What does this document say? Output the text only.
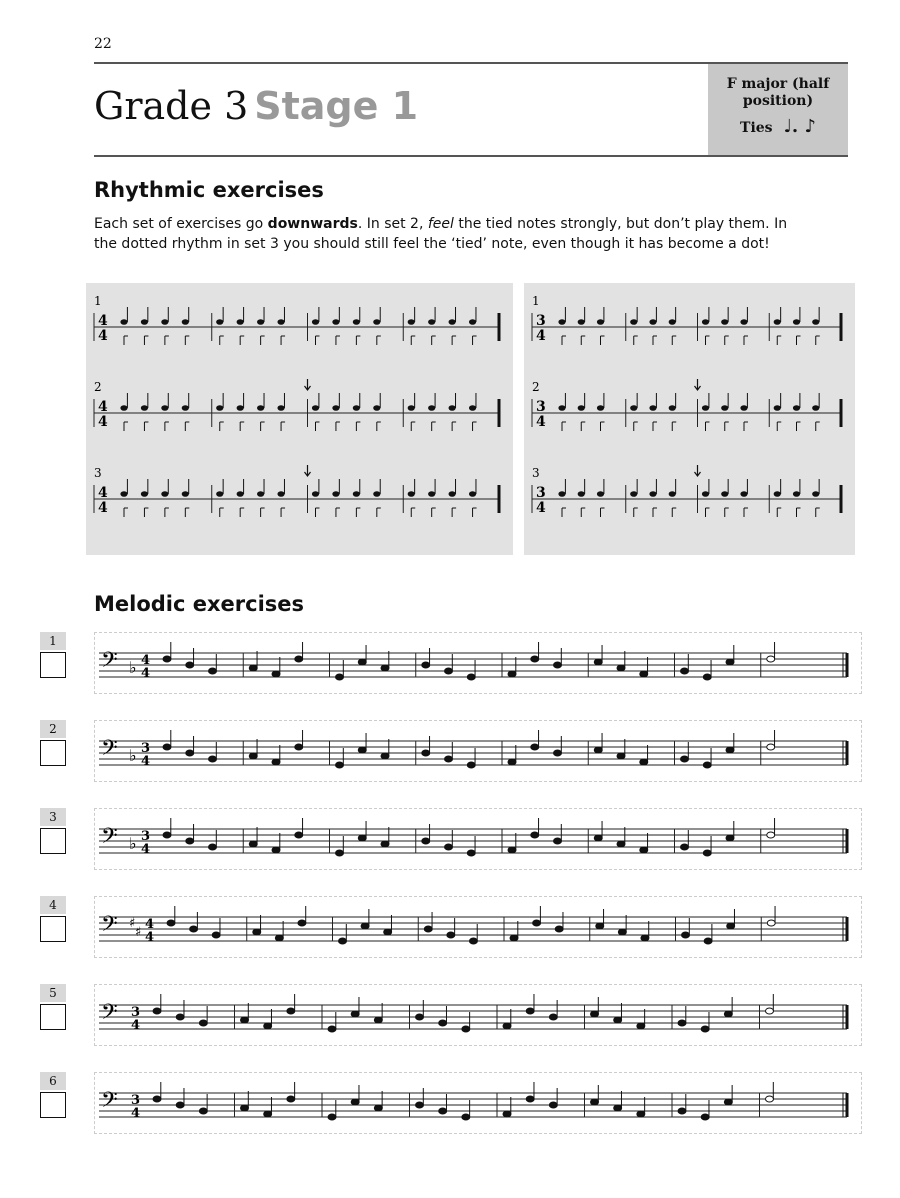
22
Grade 3 Stage 1	F major (half
position)
Ties ♩. ♪
Rhythmic exercises
Each set of exercises go downwards. In set 2, feel the tied notes strongly, but don’t play them. In the dotted rhythm in set 3 you should still feel the ‘tied’ note, even though it has become a dot!
1
4
4
2
4
4
3
4
4
1
3
4
2
3
4
3
3
4
Melodic exercises
1
𝄢 ♭ 4
4
2
𝄢 ♭ 3
4
3
𝄢 ♭ 3
4
4
𝄢 ♯
♯
4
4
5
𝄢 3
4
6
𝄢 3
4
